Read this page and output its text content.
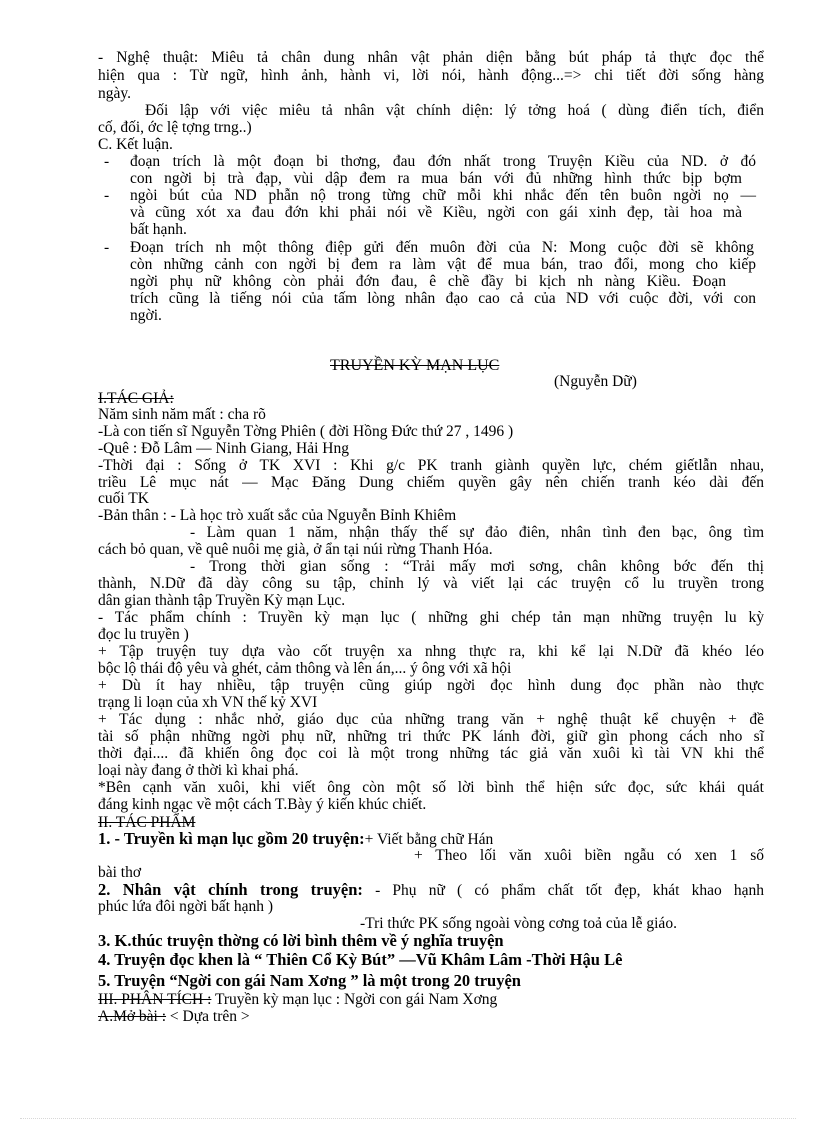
- Nghệ thuật: Miêu tả chân dung nhân vật phản diện bằng bút pháp tả thực đọc thể
hiện qua : Từ ngữ, hình ảnh, hành vi, lời nói, hành động...=> chi tiết đời sống hàng
ngày.
Đối lập với việc miêu tả nhân vật chính diện: lý tởng hoá ( dùng điển tích, điển
cố, đối, ớc lệ tợng trng..)
C. Kết luận.
- đoạn trích là một đoạn bi thơng, đau đớn nhất trong Truyện Kiều của ND. ở đó
con ngời bị trà đạp, vùi dập đem ra mua bán với đủ những hình thức bịp bợm
- ngòi bút của ND phẫn nộ trong từng chữ mỗi khi nhắc đến tên buôn ngời nọ —
và cũng xót xa đau đớn khi phải nói về Kiều, ngời con gái xinh đẹp, tài hoa mà
bất hạnh.
- Đoạn trích nh một thông điệp gửi đến muôn đời của N: Mong cuộc đời sẽ không
còn những cảnh con ngời bị đem ra làm vật để mua bán, trao đổi, mong cho kiếp
ngời phụ nữ không còn phải đớn đau, ê chề đầy bi kịch nh nàng Kiều. Đoạn
trích cũng là tiếng nói của tấm lòng nhân đạo cao cả của ND với cuộc đời, với con
ngời.
TRUYỀN KỲ MẠN LỤC
(Nguyễn Dữ)
I.TÁC GIẢ:
Năm sinh năm mất : cha rõ
-Là con tiến sĩ Nguyễn Tờng Phiên ( đời Hồng Đức thứ 27 , 1496 )
-Quê : Đỗ Lâm — Ninh Giang, Hải Hng
-Thời đại : Sống ở TK XVI : Khi g/c PK tranh giành quyền lực, chém giếtlẫn nhau,
triều Lê mục nát — Mạc Đăng Dung chiếm quyền gây nên chiến tranh kéo dài đến
cuối TK
-Bản thân : - Là học trò xuất sắc của Nguyễn Bỉnh Khiêm
- Làm quan 1 năm, nhận thấy thế sự đảo điên, nhân tình đen bạc, ông tìm
cách bỏ quan, về quê nuôi mẹ già, ở ẩn tại núi rừng Thanh Hóa.
- Trong thời gian sống : “Trải mấy mơi sơng, chân không bớc đến thị
thành, N.Dữ đã dày công su tập, chỉnh lý và viết lại các truyện cổ lu truyền trong
dân gian thành tập Truyền Kỳ mạn Lục.
- Tác phẩm chính : Truyền kỳ mạn lục ( những ghi chép tản mạn những truyện lu kỳ
đọc lu truyền )
+ Tập truyện tuy dựa vào cốt truyện xa nhng thực ra, khi kể lại N.Dữ đã khéo léo
bộc lộ thái độ yêu và ghét, cảm thông và lên án,... ý ông với xã hội
+ Dù ít hay nhiều, tập truyện cũng giúp ngời đọc hình dung đọc phần nào thực
trạng li loạn của xh VN thế kỷ XVI
+ Tác dụng : nhắc nhở, giáo dục của những trang văn + nghệ thuật kể chuyện + đề
tài số phận những ngời phụ nữ, những tri thức PK lánh đời, giữ gìn phong cách nho sĩ
thời đại.... đã khiến ông đọc coi là một trong những tác giả văn xuôi kì tài VN khi thể
loại này đang ở thời kì khai phá.
*Bên cạnh văn xuôi, khi viết ông còn một số lời bình thể hiện sức đọc, sức khái quát
đáng kinh ngạc về một cách T.Bày ý kiến khúc chiết.
II. TÁC PHẨM
1. - Truyền kì mạn lục gồm 20 truyện:+ Viết bằng chữ Hán
+ Theo lối văn xuôi biền ngẫu có xen 1 số
bài thơ
2. Nhân vật chính trong truyện: - Phụ nữ ( có phẩm chất tốt đẹp, khát khao hạnh
phúc lứa đôi ngời bất hạnh )
-Tri thức PK sống ngoài vòng cơng toả của lễ giáo.
3. K.thúc truyện thờng có lời bình thêm về ý nghĩa truyện
4. Truyện đọc khen là “ Thiên Cổ Kỳ Bút” —Vũ Khâm Lâm -Thời Hậu Lê
5. Truyện “Ngời con gái Nam Xơng ” là một trong 20 truyện
III. PHÂN TÍCH : Truyền kỳ mạn lục : Ngời con gái Nam Xơng
A.Mở bài : < Dựa trên >
